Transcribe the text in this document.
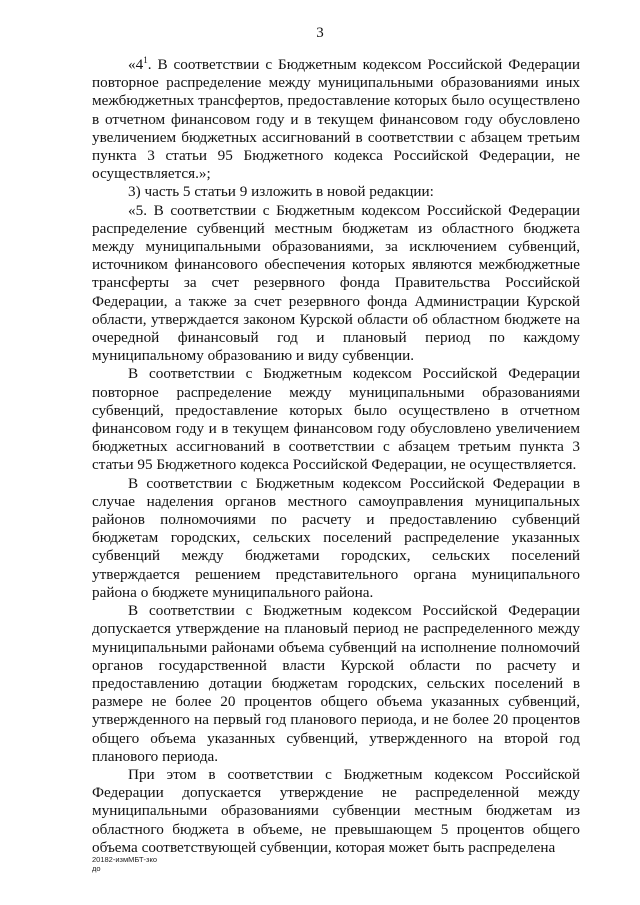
3

«$4^1$. В соответствии с Бюджетным кодексом Российской Федерации повторное распределение между муниципальными образованиями иных межбюджетных трансфертов, предоставление которых было осуществлено в отчетном финансовом году и в текущем финансовом году обусловлено увеличением бюджетных ассигнований в соответствии с абзацем третьим пункта 3 статьи 95 Бюджетного кодекса Российской Федерации, не осуществляется.»;

3) часть 5 статьи 9 изложить в новой редакции:

«5. В соответствии с Бюджетным кодексом Российской Федерации распределение субвенций местным бюджетам из областного бюджета между муниципальными образованиями, за исключением субвенций, источником финансового обеспечения которых являются межбюджетные трансферты за счет резервного фонда Правительства Российской Федерации, а также за счет резервного фонда Администрации Курской области, утверждается законом Курской области об областном бюджете на очередной финансовый год и плановый период по каждому муниципальному образованию и виду субвенции.

В соответствии с Бюджетным кодексом Российской Федерации повторное распределение между муниципальными образованиями субвенций, предоставление которых было осуществлено в отчетном финансовом году и в текущем финансовом году обусловлено увеличением бюджетных ассигнований в соответствии с абзацем третьим пункта 3 статьи 95 Бюджетного кодекса Российской Федерации, не осуществляется.

В соответствии с Бюджетным кодексом Российской Федерации в случае наделения органов местного самоуправления муниципальных районов полномочиями по расчету и предоставлению субвенций бюджетам городских, сельских поселений распределение указанных субвенций между бюджетами городских, сельских поселений утверждается решением представительного органа муниципального района о бюджете муниципального района.

В соответствии с Бюджетным кодексом Российской Федерации допускается утверждение на плановый период не распределенного между муниципальными районами объема субвенций на исполнение полномочий органов государственной власти Курской области по расчету и предоставлению дотации бюджетам городских, сельских поселений в размере не более 20 процентов общего объема указанных субвенций, утвержденного на первый год планового периода, и не более 20 процентов общего объема указанных субвенций, утвержденного на второй год планового периода.

При этом в соответствии с Бюджетным кодексом Российской Федерации допускается утверждение не распределенной между муниципальными образованиями субвенции местным бюджетам из областного бюджета в объеме, не превышающем 5 процентов общего объема соответствующей субвенции, которая может быть распределена

20182-измМБТ-зко
до
